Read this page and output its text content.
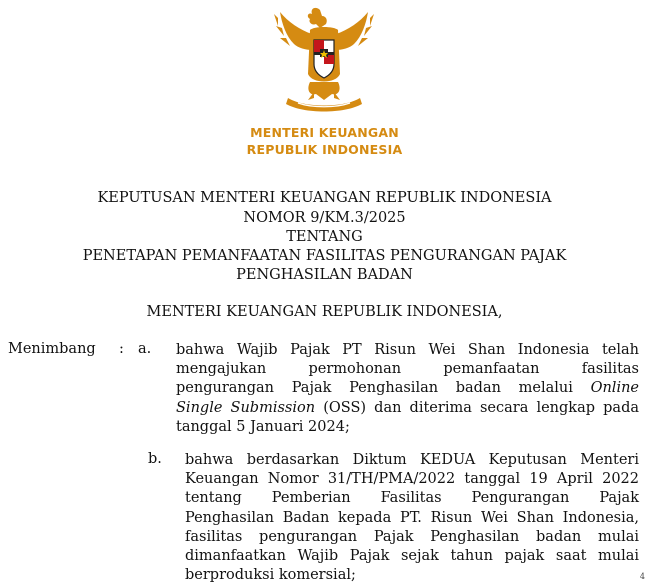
MENTERI KEUANGAN
REPUBLIK INDONESIA
KEPUTUSAN MENTERI KEUANGAN REPUBLIK INDONESIA
NOMOR 9/KM.3/2025
TENTANG
PENETAPAN PEMANFAATAN FASILITAS PENGURANGAN PAJAK
PENGHASILAN BADAN
MENTERI KEUANGAN REPUBLIK INDONESIA,
Menimbang : a. bahwa Wajib Pajak PT Risun Wei Shan Indonesia telah
mengajukan permohonan pemanfaatan fasilitas
pengurangan Pajak Penghasilan badan melalui Online
Single Submission (OSS) dan diterima secara lengkap pada
tanggal 5 Januari 2024;
b. bahwa berdasarkan Diktum KEDUA Keputusan Menteri
Keuangan Nomor 31/TH/PMA/2022 tanggal 19 April 2022
tentang Pemberian Fasilitas Pengurangan Pajak
Penghasilan Badan kepada PT. Risun Wei Shan Indonesia,
fasilitas pengurangan Pajak Penghasilan badan mulai
dimanfaatkan Wajib Pajak sejak tahun pajak saat mulai
berproduksi komersial;	4
